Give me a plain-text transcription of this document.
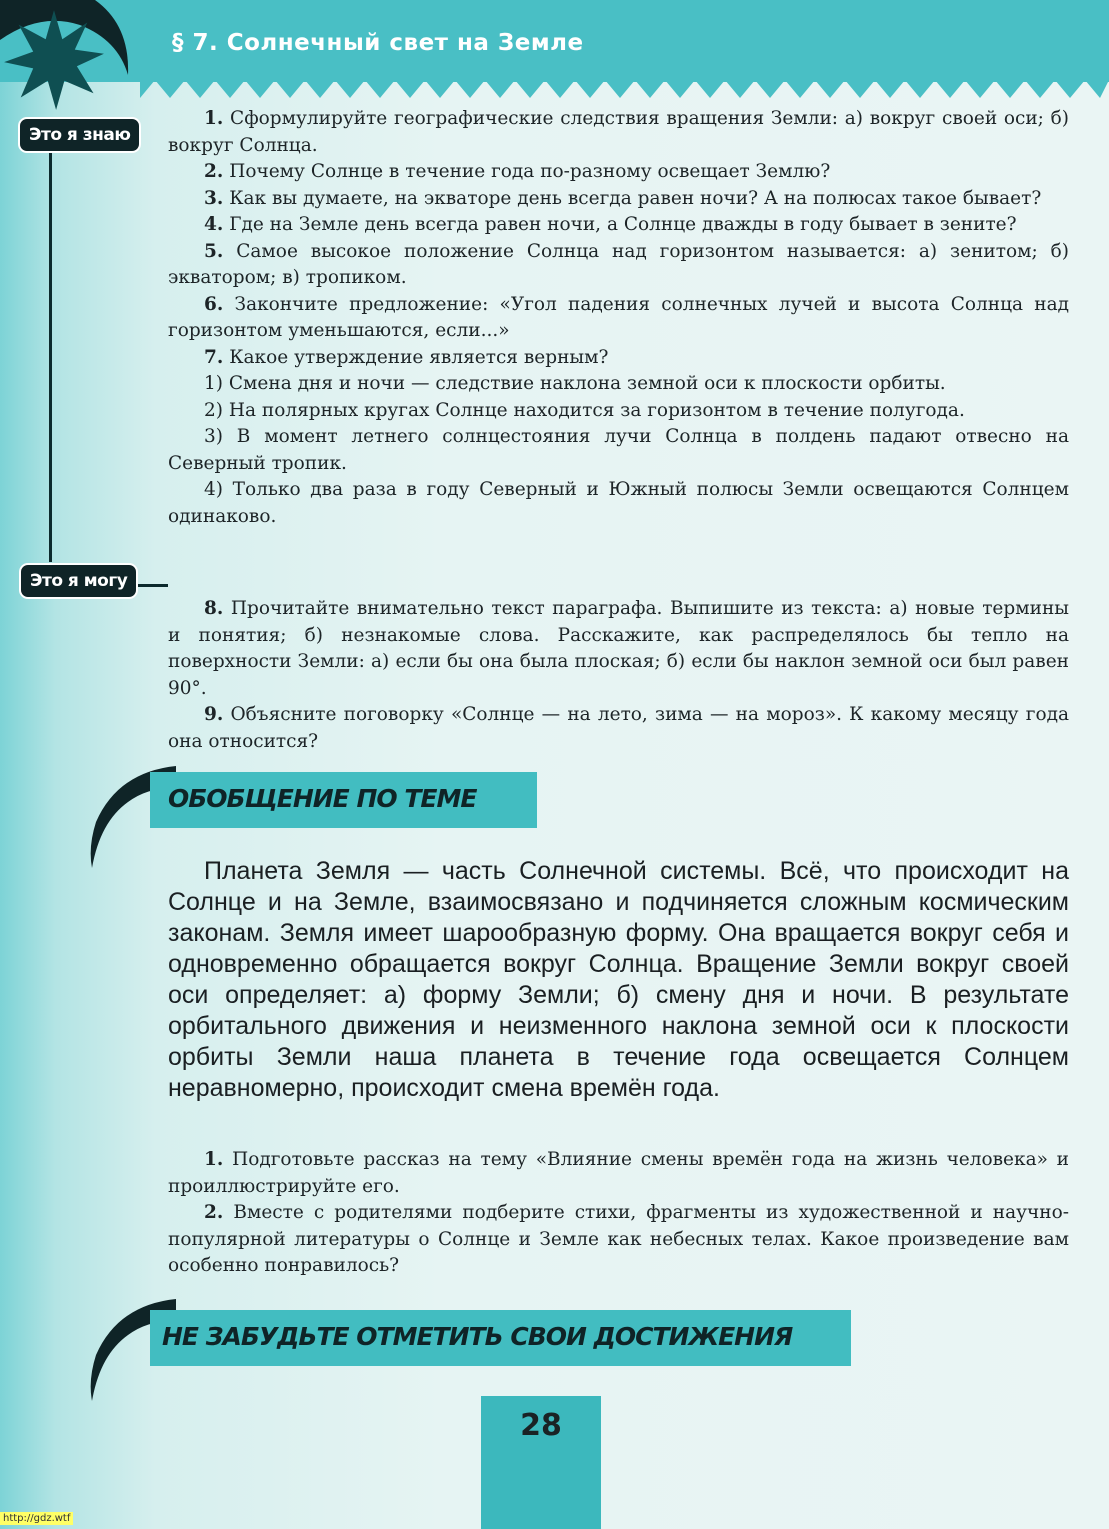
§ 7. Солнечный свет на Земле
Это я знаю
Это я могу

1. Сформулируйте географические следствия вращения Земли: а) вокруг своей оси; б) вокруг Солнца.

2. Почему Солнце в течение года по-разному освещает Землю?

3. Как вы думаете, на экваторе день всегда равен ночи? А на полюсах такое бывает?

4. Где на Земле день всегда равен ночи, а Солнце дважды в году бывает в зените?

5. Самое высокое положение Солнца над горизонтом называется: а) зенитом; б) экватором; в) тропиком.

6. Закончите предложение: «Угол падения солнечных лучей и высота Солнца над горизонтом уменьшаются, если...»

7. Какое утверждение является верным?

1) Смена дня и ночи — следствие наклона земной оси к плоскости орбиты.

2) На полярных кругах Солнце находится за горизонтом в течение полугода.

3) В момент летнего солнцестояния лучи Солнца в полдень падают отвесно на Северный тропик.

4) Только два раза в году Северный и Южный полюсы Земли освещаются Солнцем одинаково.

8. Прочитайте внимательно текст параграфа. Выпишите из текста: а) новые термины и понятия; б) незнакомые слова. Расскажите, как распределялось бы тепло на поверхности Земли: а) если бы она была плоская; б) если бы наклон земной оси был равен 90°.

9. Объясните поговорку «Солнце — на лето, зима — на мороз». К какому месяцу года она относится?

ОБОБЩЕНИЕ ПО ТЕМЕ

Планета Земля — часть Солнечной системы. Всё, что происходит на Солнце и на Земле, взаимосвязано и подчиняется сложным космическим законам. Земля имеет шарообразную форму. Она вращается вокруг себя и одновременно обращается вокруг Солнца. Вращение Земли вокруг своей оси определяет: а) форму Земли; б) смену дня и ночи. В результате орбитального движения и неизменного наклона земной оси к плоскости орбиты Земли наша планета в течение года освещается Солнцем неравномерно, происходит смена времён года.

1. Подготовьте рассказ на тему «Влияние смены времён года на жизнь человека» и проиллюстрируйте его.

2. Вместе с родителями подберите стихи, фрагменты из художественной и научно-популярной литературы о Солнце и Земле как небесных телах. Какое произведение вам особенно понравилось?

НЕ ЗАБУДЬТЕ ОТМЕТИТЬ СВОИ ДОСТИЖЕНИЯ
28
http://gdz.wtf
